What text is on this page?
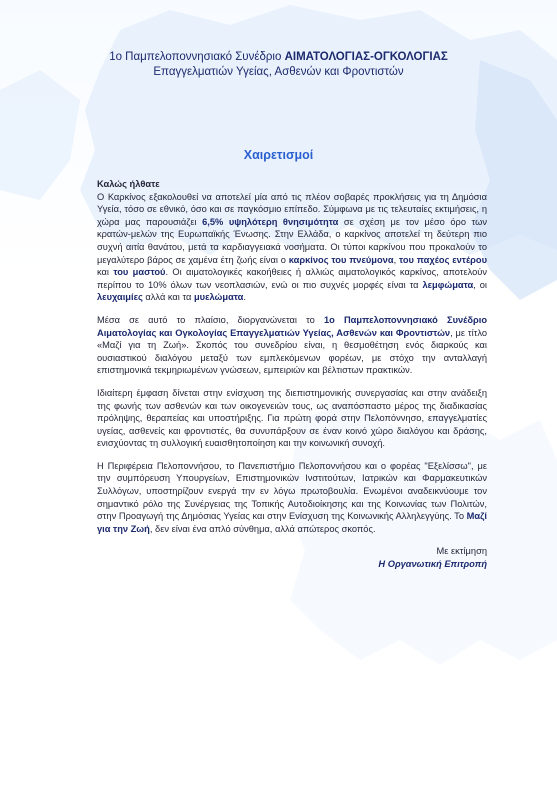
1ο Παμπελοποννησιακό Συνέδριο ΑΙΜΑΤΟΛΟΓΙΑΣ-ΟΓΚΟΛΟΓΙΑΣ
Επαγγελματιών Υγείας, Ασθενών και Φροντιστών
Χαιρετισμοί

Καλώς ήλθατε

Ο Καρκίνος εξακολουθεί να αποτελεί μία από τις πλέον σοβαρές προκλήσεις για τη Δημόσια Υγεία, τόσο σε εθνικό, όσο και σε παγκόσμιο επίπεδο. Σύμφωνα με τις τελευταίες εκτιμήσεις, η χώρα μας παρουσιάζει 6,5% υψηλότερη θνησιμότητα σε σχέση με τον μέσο όρο των κρατών-μελών της Ευρωπαϊκής Ένωσης. Στην Ελλάδα, ο καρκίνος αποτελεί τη δεύτερη πιο συχνή αιτία θανάτου, μετά τα καρδιαγγειακά νοσήματα. Οι τύποι καρκίνου που προκαλούν το μεγαλύτερο βάρος σε χαμένα έτη ζωής είναι ο καρκίνος του πνεύμονα, του παχέος εντέρου και του μαστού. Οι αιματολογικές κακοήθειες ή αλλιώς αιματολογικός καρκίνος, αποτελούν περίπου το 10% όλων των νεοπλασιών, ενώ οι πιο συχνές μορφές είναι τα λεμφώματα, οι λευχαιμίες αλλά και τα μυελώματα.

Μέσα σε αυτό το πλαίσιο, διοργανώνεται το 1ο Παμπελοποννησιακό Συνέδριο Αιματολογίας και Ογκολογίας Επαγγελματιών Υγείας, Ασθενών και Φροντιστών, με τίτλο «Μαζί για τη Ζωή». Σκοπός του συνεδρίου είναι, η θεσμοθέτηση ενός διαρκούς και ουσιαστικού διαλόγου μεταξύ των εμπλεκόμενων φορέων, με στόχο την ανταλλαγή επιστημονικά τεκμηριωμένων γνώσεων, εμπειριών και βέλτιστων πρακτικών.

Ιδιαίτερη έμφαση δίνεται στην ενίσχυση της διεπιστημονικής συνεργασίας και στην ανάδειξη της φωνής των ασθενών και των οικογενειών τους, ως αναπόσπαστο μέρος της διαδικασίας πρόληψης, θεραπείας και υποστήριξης. Για πρώτη φορά στην Πελοπόννησο, επαγγελματίες υγείας, ασθενείς και φροντιστές, θα συνυπάρξουν σε έναν κοινό χώρο διαλόγου και δράσης, ενισχύοντας τη συλλογική ευαισθητοποίηση και την κοινωνική συνοχή.

Η Περιφέρεια Πελοποννήσου, το Πανεπιστήμιο Πελοποννήσου και ο φορέας "Εξελίσσω", με την συμπόρευση Υπουργείων, Επιστημονικών Ινστιτούτων, Ιατρικών και Φαρμακευτικών Συλλόγων, υποστηρίζουν ενεργά την εν λόγω πρωτοβουλία. Ενωμένοι αναδεικνύουμε τον σημαντικό ρόλο της Συνέργειας της Τοπικής Αυτοδιοίκησης και της Κοινωνίας των Πολιτών, στην Προαγωγή της Δημόσιας Υγείας και στην Ενίσχυση της Κοινωνικής Αλληλεγγύης. Το Μαζί για την Ζωή, δεν είναι ένα απλό σύνθημα, αλλά απώτερος σκοπός.

Με εκτίμηση
Η Οργανωτική Επιτροπή
